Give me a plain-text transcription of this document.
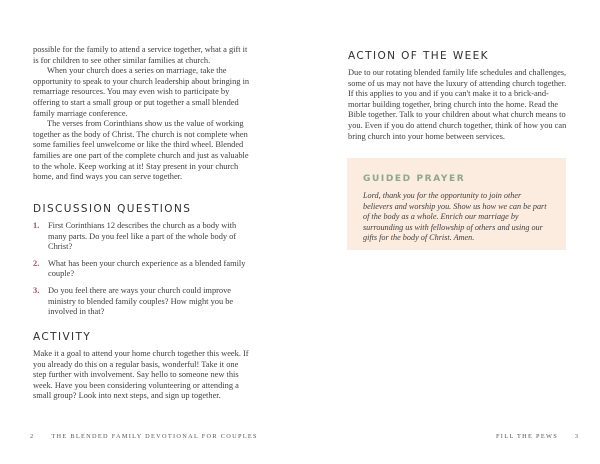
possible for the family to attend a service together, what a gift it is for children to see other similar families at church.

When your church does a series on marriage, take the opportunity to speak to your church leadership about bringing in remarriage resources. You may even wish to participate by offering to start a small group or put together a small blended family marriage conference.

The verses from Corinthians show us the value of working together as the body of Christ. The church is not complete when some families feel unwelcome or like the third wheel. Blended families are one part of the complete church and just as valuable to the whole. Keep working at it! Stay present in your church home, and find ways you can serve together.

DISCUSSION QUESTIONS
1. First Corinthians 12 describes the church as a body with many parts. Do you feel like a part of the whole body of Christ?
2. What has been your church experience as a blended family couple?
3. Do you feel there are ways your church could improve ministry to blended family couples? How might you be involved in that?
ACTIVITY

Make it a goal to attend your home church together this week. If you already do this on a regular basis, wonderful! Take it one step further with involvement. Say hello to someone new this week. Have you been considering volunteering or attending a small group? Look into next steps, and sign up together.

2	THE BLENDED FAMILY DEVOTIONAL FOR COUPLES
ACTION OF THE WEEK

Due to our rotating blended family life schedules and challenges, some of us may not have the luxury of attending church together. If this applies to you and if you can't make it to a brick-and-mortar building together, bring church into the home. Read the Bible together. Talk to your children about what church means to you. Even if you do attend church together, think of how you can bring church into your home between services.

GUIDED PRAYER

Lord, thank you for the opportunity to join other believers and worship you. Show us how we can be part of the body as a whole. Enrich our marriage by surrounding us with fellowship of others and using our gifts for the body of Christ. Amen.

FILL THE PEWS	3
